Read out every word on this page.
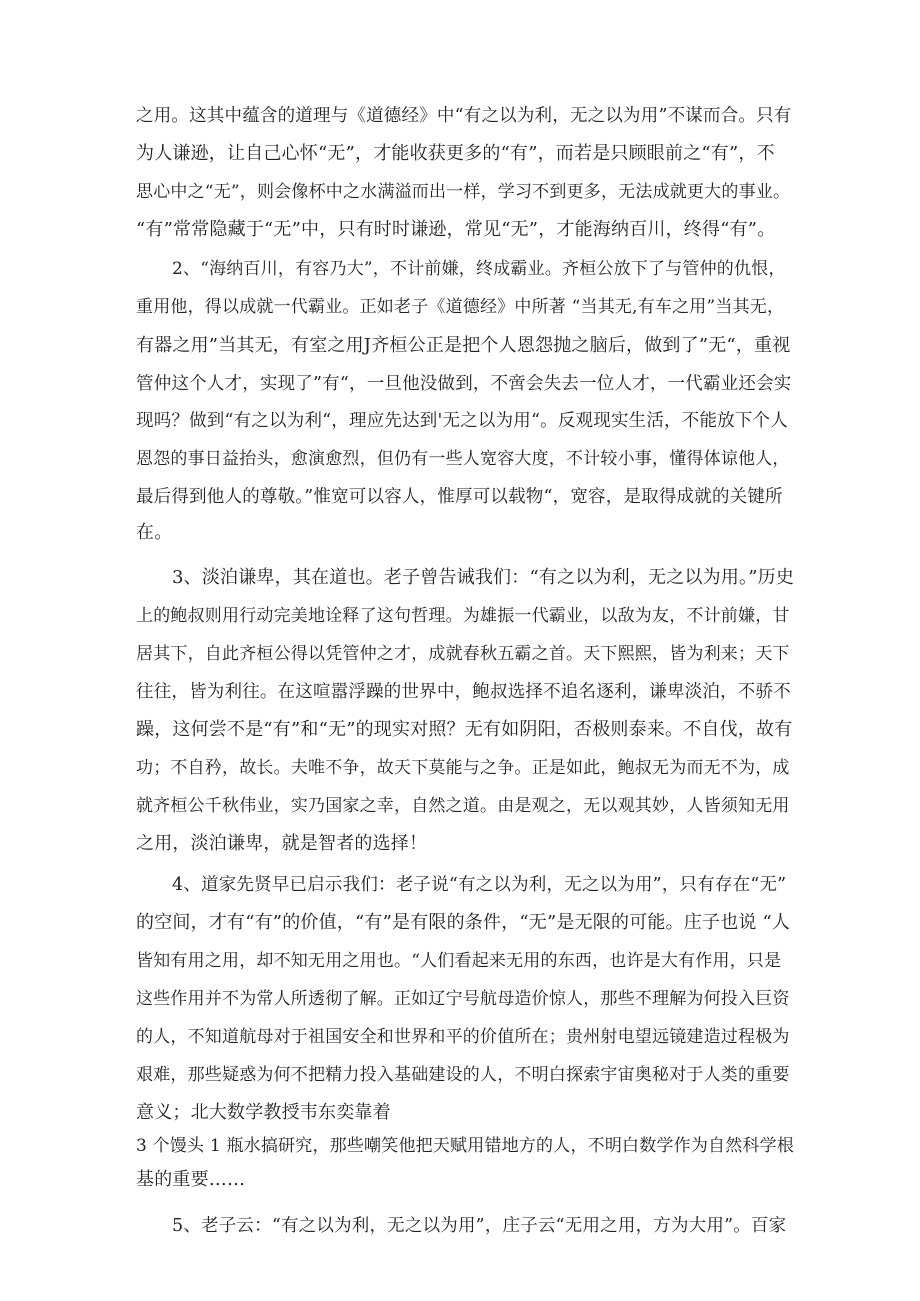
之用。这其中蕴含的道理与《道德经》中“有之以为利，无之以为用”不谋而合。只有
为人谦逊，让自己心怀“无”，才能收获更多的“有”，而若是只顾眼前之“有”，不
思心中之“无”，则会像杯中之水满溢而出一样，学习不到更多，无法成就更大的事业。
“有”常常隐藏于“无”中，只有时时谦逊，常见“无”，才能海纳百川，终得“有”。
2、“海纳百川，有容乃大”，不计前嫌，终成霸业。齐桓公放下了与管仲的仇恨，
重用他，得以成就一代霸业。正如老子《道德经》中所著 “当其无,有车之用”当其无，
有器之用”当其无，有室之用J齐桓公正是把个人恩怨抛之脑后，做到了”无“，重视
管仲这个人才，实现了”有“，一旦他没做到，不啻会失去一位人才，一代霸业还会实
现吗？做到“有之以为利“，理应先达到'无之以为用“。反观现实生活，不能放下个人
恩怨的事日益抬头，愈演愈烈，但仍有一些人宽容大度，不计较小事，懂得体谅他人，
最后得到他人的尊敬。”惟宽可以容人，惟厚可以载物“，宽容，是取得成就的关键所
在。
3、淡泊谦卑，其在道也。老子曾告诫我们：“有之以为利，无之以为用。”历史
上的鲍叔则用行动完美地诠释了这句哲理。为雄振一代霸业，以敌为友，不计前嫌，甘
居其下，自此齐桓公得以凭管仲之才，成就春秋五霸之首。天下熙熙，皆为利来；天下
往往，皆为利往。在这喧嚣浮躁的世界中，鲍叔选择不追名逐利，谦卑淡泊，不骄不
躁，这何尝不是“有”和“无”的现实对照？无有如阴阳，否极则泰来。不自伐，故有
功；不自矜，故长。夫唯不争，故天下莫能与之争。正是如此，鲍叔无为而无不为，成
就齐桓公千秋伟业，实乃国家之幸，自然之道。由是观之，无以观其妙，人皆须知无用
之用，淡泊谦卑，就是智者的选择！
4、道家先贤早已启示我们：老子说“有之以为利，无之以为用”，只有存在“无”
的空间，才有“有”的价值，“有”是有限的条件，“无”是无限的可能。庄子也说 “人
皆知有用之用，却不知无用之用也。“人们看起来无用的东西，也许是大有作用，只是
这些作用并不为常人所透彻了解。正如辽宁号航母造价惊人，那些不理解为何投入巨资
的人，不知道航母对于祖国安全和世界和平的价值所在；贵州射电望远镜建造过程极为
艰难，那些疑惑为何不把精力投入基础建设的人，不明白探索宇宙奥秘对于人类的重要
意义；北大数学教授韦东奕靠着
3 个馒头 1 瓶水搞研究，那些嘲笑他把天赋用错地方的人，不明白数学作为自然科学根
基的重要……
5、老子云：“有之以为利，无之以为用”，庄子云“无用之用，方为大用”。百家
